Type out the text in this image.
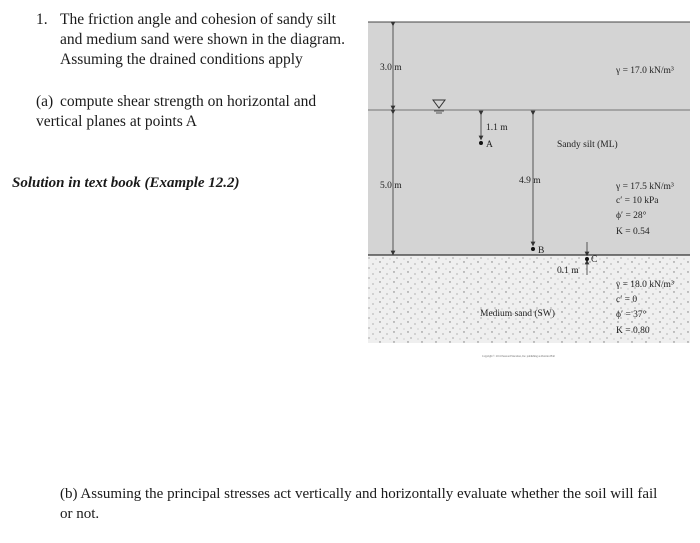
1. The friction angle and cohesion of sandy silt and medium sand were shown in the diagram. Assuming the drained conditions apply
(a) compute shear strength on horizontal and vertical planes at points A
Solution in text book (Example 12.2)
3.0 m
5.0 m
1.1 m
A
4.9 m
B
C
0.1 m
γ = 17.0 kN/m³
Sandy silt (ML)
γ = 17.5 kN/m³
c′ = 10 kPa
ϕ′ = 28°
K = 0.54
Medium sand (SW)
γ = 18.0 kN/m³
c′ = 0
ϕ′ = 37°
K = 0.80
Copyright © 2011 Pearson Education, Inc. publishing as Prentice Hall
(b) Assuming the principal stresses act vertically and horizontally evaluate whether the soil will fail or not.
